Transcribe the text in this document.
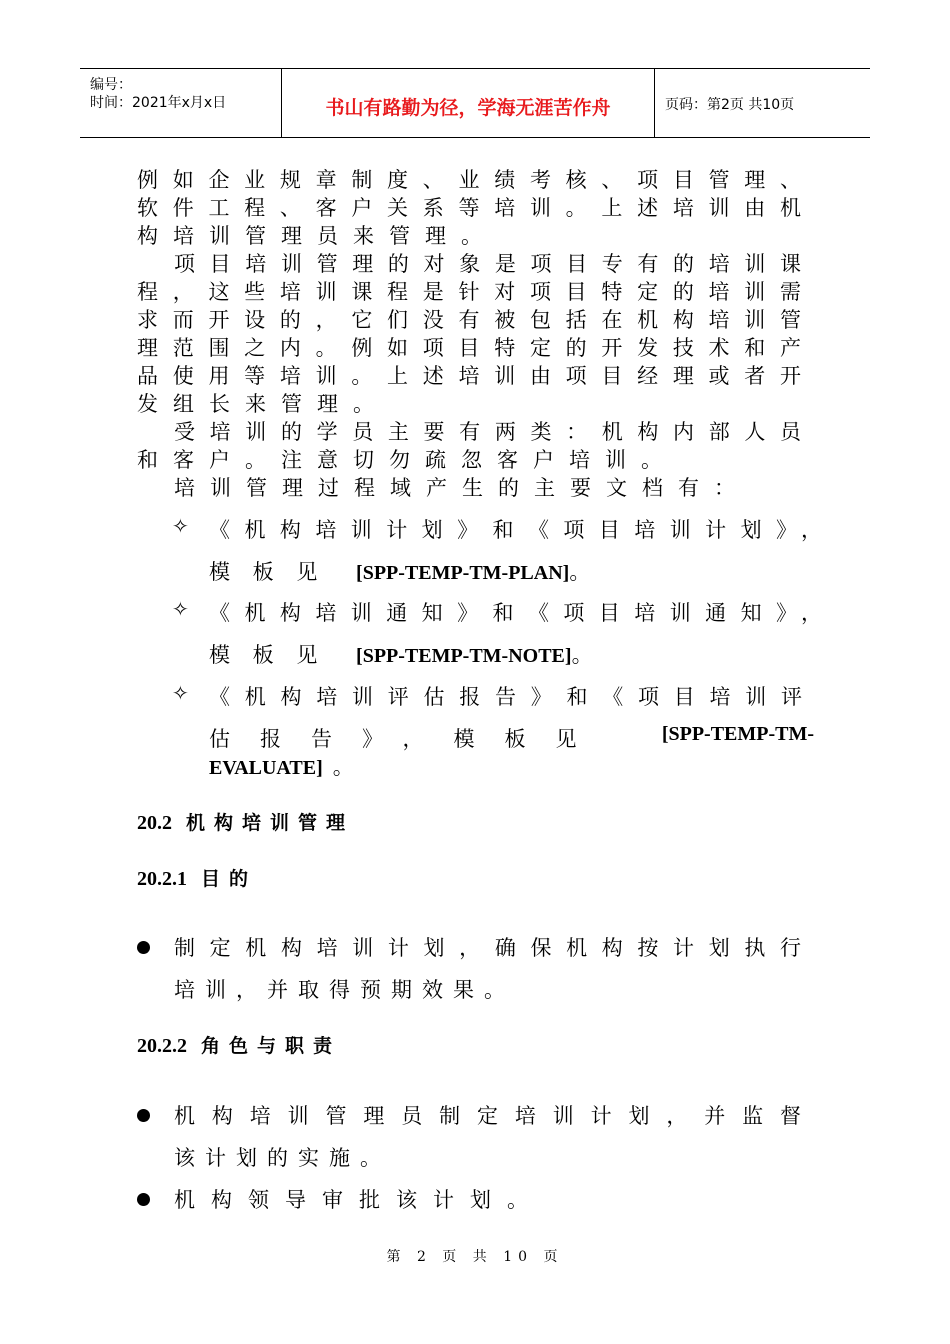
编号：
时间：2021年x月x日	书山有路勤为径，学海无涯苦作舟	页码：第2页 共10页
例如企业规章制度、业绩考核、项目管理、
软件工程、客户关系等培训。上述培训由机
构培训管理员来管理。
项目培训管理的对象是项目专有的培训课
程，这些培训课程是针对项目特定的培训需
求而开设的，它们没有被包括在机构培训管
理范围之内。例如项目特定的开发技术和产
品使用等培训。上述培训由项目经理或者开
发组长来管理。
受培训的学员主要有两类：机构内部人员
和客户。注意切勿疏忽客户培训。
培训管理过程域产生的主要文档有：
✧ 《机构培训计划》和《项目培训计划》，
模 板 见 [SPP-TEMP-TM-PLAN]。
✧ 《机构培训通知》和《项目培训通知》，
模 板 见 [SPP-TEMP-TM-NOTE]。
✧ 《机构培训评估报告》和《项目培训评
估报告》，模板见	[SPP-TEMP-TM-
EVALUATE] 。
20.2 机构培训管理
20.2.1 目的
制定机构培训计划，确保机构按计划执行
培训，并取得预期效果。
20.2.2 角色与职责
机构培训管理员制定培训计划，并监督
该计划的实施。
机构领导审批该计划。
第 2 页 共 10 页
